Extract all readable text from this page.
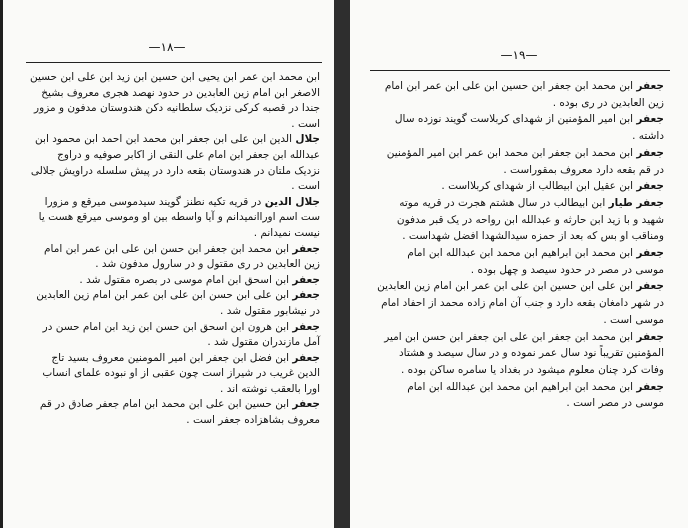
—١٨—

ابن محمد ابن عمر ابن یحیی ابن حسین ابن زید ابن علی ابن حسین الاصغر ابن امام زین العابدین در حدود نهصد هجری معروف بشیخ جندا در قصبه کرکی نزدیک سلطانیه دکن هندوستان مدفون و مزور است .

جلال الدین ابن علی ابن جعفر ابن محمد ابن احمد ابن محمود ابن عبدالله ابن جعفر ابن امام علی النقی از اکابر صوفیه و دراوج نزدیک ملتان در هندوستان بقعه دارد در پیش سلسله دراویش جلالی است .

جلال الدین در قریه تکیه نطنز گویند سیدموسی میرقع و مزورا ست اسم اوراانمیدانم و آیا واسطه بین او وموسی میرقع هست یا نیست نمیدانم .

جعفر ابن محمد ابن جعفر ابن حسن ابن علی ابن عمر ابن امام زین العابدین در ری مقتول و در سارول مدفون شد .

جعفر ابن اسحق ابن امام موسی در بصره مقتول شد .

جعفر ابن علی ابن حسن ابن علی ابن عمر ابن امام زین العابدین در نیشابور مقتول شد .

جعفر ابن هرون ابن اسحق ابن حسن ابن زید ابن امام حسن در آمل مازندران مقتول شد .

جعفر ابن فضل ابن جعفر ابن امیر المومنین معروف بسید تاج الدین غریب در شیراز است چون عقبی از او نبوده علمای انساب اورا بالعقب نوشته اند .

جعفر ابن حسین ابن علی ابن محمد ابن امام جعفر صادق در قم معروف بشاهزاده جعفر است .

—١٩—

جعفر ابن محمد ابن جعفر ابن حسین ابن علی ابن عمر ابن امام زین العابدین در ری بوده .

جعفر ابن امیر المؤمنین از شهدای کربلاست گویند نوزده سال داشته .

جعفر ابن محمد ابن جعفر ابن محمد ابن عمر ابن امیر المؤمنین در قم بقعه دارد معروف بمقوراست .

جعفر ابن عقیل ابن ابیطالب از شهدای کربلااست .

جعفر طیار ابن ابیطالب در سال هشتم هجرت در قریه موته شهید و با زید ابن حارثه و عبدالله ابن رواحه در یک قبر مدفون ومناقب او بس که بعد از حمزه سیدالشهدا افضل شهداست .

جعفر ابن محمد ابن ابراهیم ابن محمد ابن عبدالله ابن امام موسی در مصر در حدود سیصد و چهل بوده .

جعفر ابن علی ابن حسین ابن علی ابن عمر ابن امام زین العابدین در شهر دامغان بقعه دارد و جنب آن امام زاده محمد از احفاد امام موسی است .

جعفر ابن محمد ابن جعفر ابن علی ابن جعفر ابن حسن ابن امیر المؤمنین تقریباً نود سال عمر نموده و در سال سیصد و هشتاد وفات کرد چنان معلوم میشود در بغداد یا سامره ساکن بوده .

جعفر ابن محمد ابن ابراهیم ابن محمد ابن عبدالله ابن امام موسی در مصر است .
